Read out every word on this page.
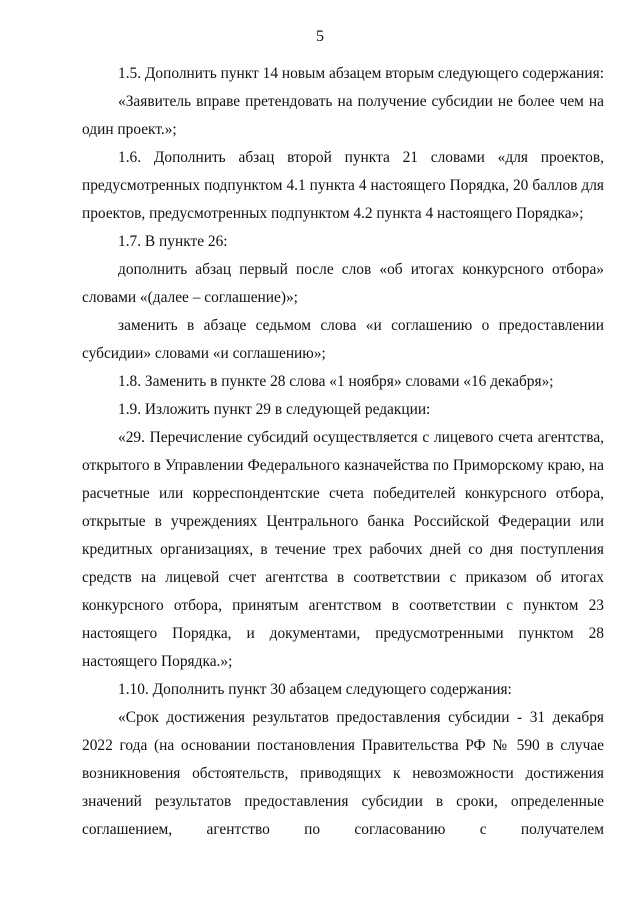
5

1.5. Дополнить пункт 14 новым абзацем вторым следующего содержания:

«Заявитель вправе претендовать на получение субсидии не более чем на один проект.»;

1.6. Дополнить абзац второй пункта 21 словами «для проектов, предусмотренных подпунктом 4.1 пункта 4 настоящего Порядка, 20 баллов для проектов, предусмотренных подпунктом 4.2 пункта 4 настоящего Порядка»;

1.7. В пункте 26:

дополнить абзац первый после слов «об итогах конкурсного отбора» словами «(далее – соглашение)»;

заменить в абзаце седьмом слова «и соглашению о предоставлении субсидии» словами «и соглашению»;

1.8. Заменить в пункте 28 слова «1 ноября» словами «16 декабря»;

1.9. Изложить пункт 29 в следующей редакции:

«29. Перечисление субсидий осуществляется с лицевого счета агентства, открытого в Управлении Федерального казначейства по Приморскому краю, на расчетные или корреспондентские счета победителей конкурсного отбора, открытые в учреждениях Центрального банка Российской Федерации или кредитных организациях, в течение трех рабочих дней со дня поступления средств на лицевой счет агентства в соответствии с приказом об итогах конкурсного отбора, принятым агентством в соответствии с пунктом 23 настоящего Порядка, и документами, предусмотренными пунктом 28 настоящего Порядка.»;

1.10. Дополнить пункт 30 абзацем следующего содержания:

«Срок достижения результатов предоставления субсидии - 31 декабря 2022 года (на основании постановления Правительства РФ № 590 в случае возникновения обстоятельств, приводящих к невозможности достижения значений результатов предоставления субсидии в сроки, определенные соглашением, агентство по согласованию с получателем
